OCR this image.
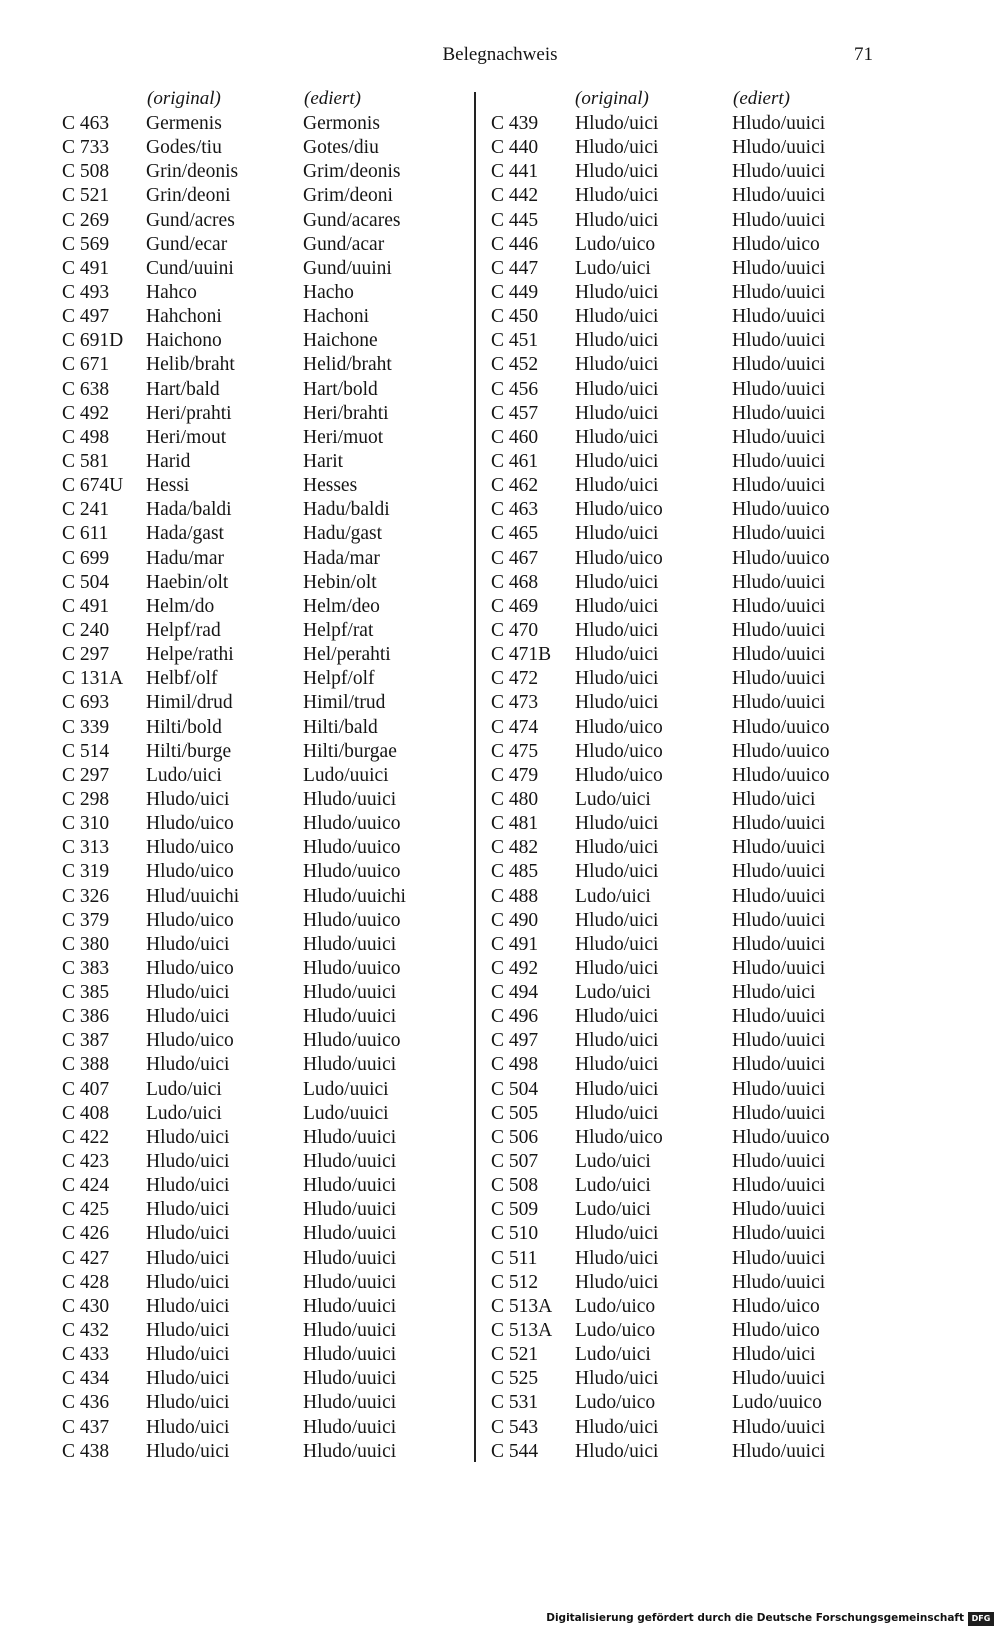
Belegnachweis	71
(original)	(ediert)	(original)	(ediert)
C 463 Germenis	Germonis
C 733 Godes/tiu	Gotes/diu
C 508 Grin/deonis	Grim/deonis
C 521 Grin/deoni	Grim/deoni
C 269 Gund/acres	Gund/acares
C 569 Gund/ecar	Gund/acar
C 491 Cund/uuini	Gund/uuini
C 493 Hahco	Hacho
C 497 Hahchoni	Hachoni
C 691D Haichono	Haichone
C 671 Helib/braht	Helid/braht
C 638 Hart/bald	Hart/bold
C 492 Heri/prahti	Heri/brahti
C 498 Heri/mout	Heri/muot
C 581 Harid	Harit
C 674U Hessi	Hesses
C 241 Hada/baldi	Hadu/baldi
C 611 Hada/gast	Hadu/gast
C 699 Hadu/mar	Hada/mar
C 504 Haebin/olt	Hebin/olt
C 491 Helm/do	Helm/deo
C 240 Helpf/rad	Helpf/rat
C 297 Helpe/rathi	Hel/perahti
C 131A Helbf/olf	Helpf/olf
C 693 Himil/drud	Himil/trud
C 339 Hilti/bold	Hilti/bald
C 514 Hilti/burge	Hilti/burgae
C 297 Ludo/uici	Ludo/uuici
C 298 Hludo/uici	Hludo/uuici
C 310 Hludo/uico	Hludo/uuico
C 313 Hludo/uico	Hludo/uuico
C 319 Hludo/uico	Hludo/uuico
C 326 Hlud/uuichi	Hludo/uuichi
C 379 Hludo/uico	Hludo/uuico
C 380 Hludo/uici	Hludo/uuici
C 383 Hludo/uico	Hludo/uuico
C 385 Hludo/uici	Hludo/uuici
C 386 Hludo/uici	Hludo/uuici
C 387 Hludo/uico	Hludo/uuico
C 388 Hludo/uici	Hludo/uuici
C 407 Ludo/uici	Ludo/uuici
C 408 Ludo/uici	Ludo/uuici
C 422 Hludo/uici	Hludo/uuici
C 423 Hludo/uici	Hludo/uuici
C 424 Hludo/uici	Hludo/uuici
C 425 Hludo/uici	Hludo/uuici
C 426 Hludo/uici	Hludo/uuici
C 427 Hludo/uici	Hludo/uuici
C 428 Hludo/uici	Hludo/uuici
C 430 Hludo/uici	Hludo/uuici
C 432 Hludo/uici	Hludo/uuici
C 433 Hludo/uici	Hludo/uuici
C 434 Hludo/uici	Hludo/uuici
C 436 Hludo/uici	Hludo/uuici
C 437 Hludo/uici	Hludo/uuici
C 438 Hludo/uici	Hludo/uuici
C 439 Hludo/uici	Hludo/uuici
C 440 Hludo/uici	Hludo/uuici
C 441 Hludo/uici	Hludo/uuici
C 442 Hludo/uici	Hludo/uuici
C 445 Hludo/uici	Hludo/uuici
C 446 Ludo/uico	Hludo/uico
C 447 Ludo/uici	Hludo/uuici
C 449 Hludo/uici	Hludo/uuici
C 450 Hludo/uici	Hludo/uuici
C 451 Hludo/uici	Hludo/uuici
C 452 Hludo/uici	Hludo/uuici
C 456 Hludo/uici	Hludo/uuici
C 457 Hludo/uici	Hludo/uuici
C 460 Hludo/uici	Hludo/uuici
C 461 Hludo/uici	Hludo/uuici
C 462 Hludo/uici	Hludo/uuici
C 463 Hludo/uico	Hludo/uuico
C 465 Hludo/uici	Hludo/uuici
C 467 Hludo/uico	Hludo/uuico
C 468 Hludo/uici	Hludo/uuici
C 469 Hludo/uici	Hludo/uuici
C 470 Hludo/uici	Hludo/uuici
C 471B Hludo/uici	Hludo/uuici
C 472 Hludo/uici	Hludo/uuici
C 473 Hludo/uici	Hludo/uuici
C 474 Hludo/uico	Hludo/uuico
C 475 Hludo/uico	Hludo/uuico
C 479 Hludo/uico	Hludo/uuico
C 480 Ludo/uici	Hludo/uici
C 481 Hludo/uici	Hludo/uuici
C 482 Hludo/uici	Hludo/uuici
C 485 Hludo/uici	Hludo/uuici
C 488 Ludo/uici	Hludo/uuici
C 490 Hludo/uici	Hludo/uuici
C 491 Hludo/uici	Hludo/uuici
C 492 Hludo/uici	Hludo/uuici
C 494 Ludo/uici	Hludo/uici
C 496 Hludo/uici	Hludo/uuici
C 497 Hludo/uici	Hludo/uuici
C 498 Hludo/uici	Hludo/uuici
C 504 Hludo/uici	Hludo/uuici
C 505 Hludo/uici	Hludo/uuici
C 506 Hludo/uico	Hludo/uuico
C 507 Ludo/uici	Hludo/uuici
C 508 Ludo/uici	Hludo/uuici
C 509 Ludo/uici	Hludo/uuici
C 510 Hludo/uici	Hludo/uuici
C 511 Hludo/uici	Hludo/uuici
C 512 Hludo/uici	Hludo/uuici
C 513A Ludo/uico	Hludo/uico
C 513A Ludo/uico	Hludo/uico
C 521 Ludo/uici	Hludo/uici
C 525 Hludo/uici	Hludo/uuici
C 531 Ludo/uico	Ludo/uuico
C 543 Hludo/uici	Hludo/uuici
C 544 Hludo/uici	Hludo/uuici
Digitalisierung gefördert durch die Deutsche Forschungsgemeinschaft DFG
